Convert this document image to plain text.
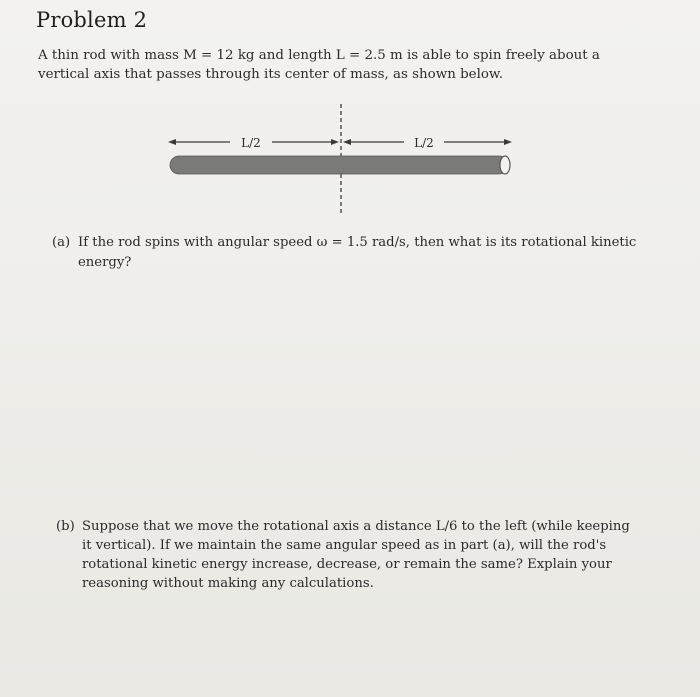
Problem 2
A thin rod with mass M = 12 kg and length L = 2.5 m is able to spin freely about a vertical axis that passes through its center of mass, as shown below.
L/2	L/2
(a) If the rod spins with angular speed ω = 1.5 rad/s, then what is its rotational kinetic energy?
(b) Suppose that we move the rotational axis a distance L/6 to the left (while keeping it vertical). If we maintain the same angular speed as in part (a), will the rod's rotational kinetic energy increase, decrease, or remain the same? Explain your reasoning without making any calculations.
